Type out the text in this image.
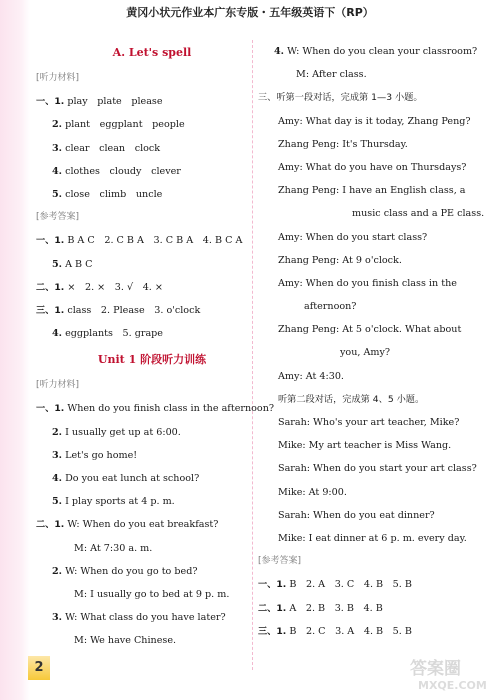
黄冈小状元作业本广东专版・五年级英语下（RP）
A. Let's spell
[听力材料]
一、1. play　plate　please
2. plant　eggplant　people
3. clear　clean　clock
4. clothes　cloudy　clever
5. close　climb　uncle
[参考答案]
一、1. B A C　2. C B A　3. C B A　4. B C A
5. A B C
二、1. ×　2. ×　3. √　4. ×
三、1. class　2. Please　3. o'clock
4. eggplants　5. grape
Unit 1 阶段听力训练
[听力材料]
一、1. When do you finish class in the afternoon?
2. I usually get up at 6:00.
3. Let's go home!
4. Do you eat lunch at school?
5. I play sports at 4 p. m.
二、1. W: When do you eat breakfast?
M: At 7:30 a. m.
2. W: When do you go to bed?
M: I usually go to bed at 9 p. m.
3. W: What class do you have later?
M: We have Chinese.
4. W: When do you clean your classroom?
M: After class.
三、听第一段对话，完成第 1—3 小题。
Amy: What day is it today, Zhang Peng?
Zhang Peng: It's Thursday.
Amy: What do you have on Thursdays?
Zhang Peng: I have an English class, a
music class and a PE class.
Amy: When do you start class?
Zhang Peng: At 9 o'clock.
Amy: When do you finish class in the
afternoon?
Zhang Peng: At 5 o'clock. What about
you, Amy?
Amy: At 4:30.
听第二段对话，完成第 4、5 小题。
Sarah: Who's your art teacher, Mike?
Mike: My art teacher is Miss Wang.
Sarah: When do you start your art class?
Mike: At 9:00.
Sarah: When do you eat dinner?
Mike: I eat dinner at 6 p. m. every day.
[参考答案]
一、1. B　2. A　3. C　4. B　5. B
二、1. A　2. B　3. B　4. B
三、1. B　2. C　3. A　4. B　5. B
2	答案圈
MXQE.COM
